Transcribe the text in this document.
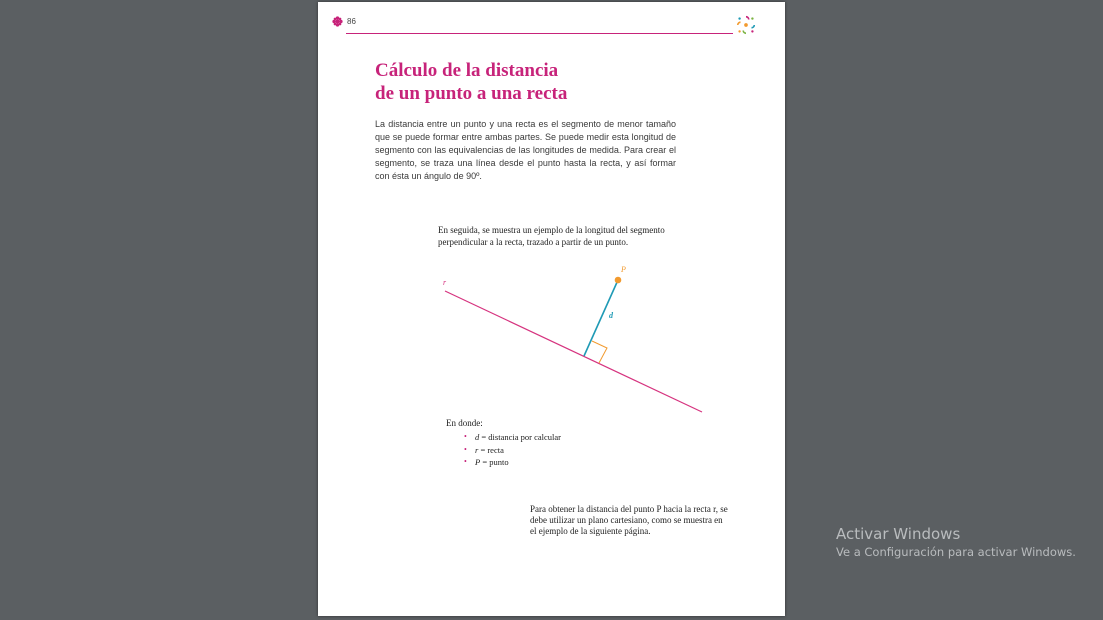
86
Cálculo de la distancia
de un punto a una recta

La distancia entre un punto y una recta es el segmento de menor tamaño que se puede formar entre ambas partes. Se puede medir esta longitud de segmento con las equivalencias de las longitudes de medida. Para crear el segmento, se traza una línea desde el punto hasta la recta, y así formar con ésta un ángulo de 90º.

En seguida, se muestra un ejemplo de la longitud del segmento perpendicular a la recta, trazado a partir de un punto.

r
P
d
En donde:
• d = distancia por calcular
• r = recta
• P = punto

Para obtener la distancia del punto P hacia la recta r, se debe utilizar un plano cartesiano, como se muestra en el ejemplo de la siguiente página.	Activar Windows
Ve a Configuración para activar Windows.
